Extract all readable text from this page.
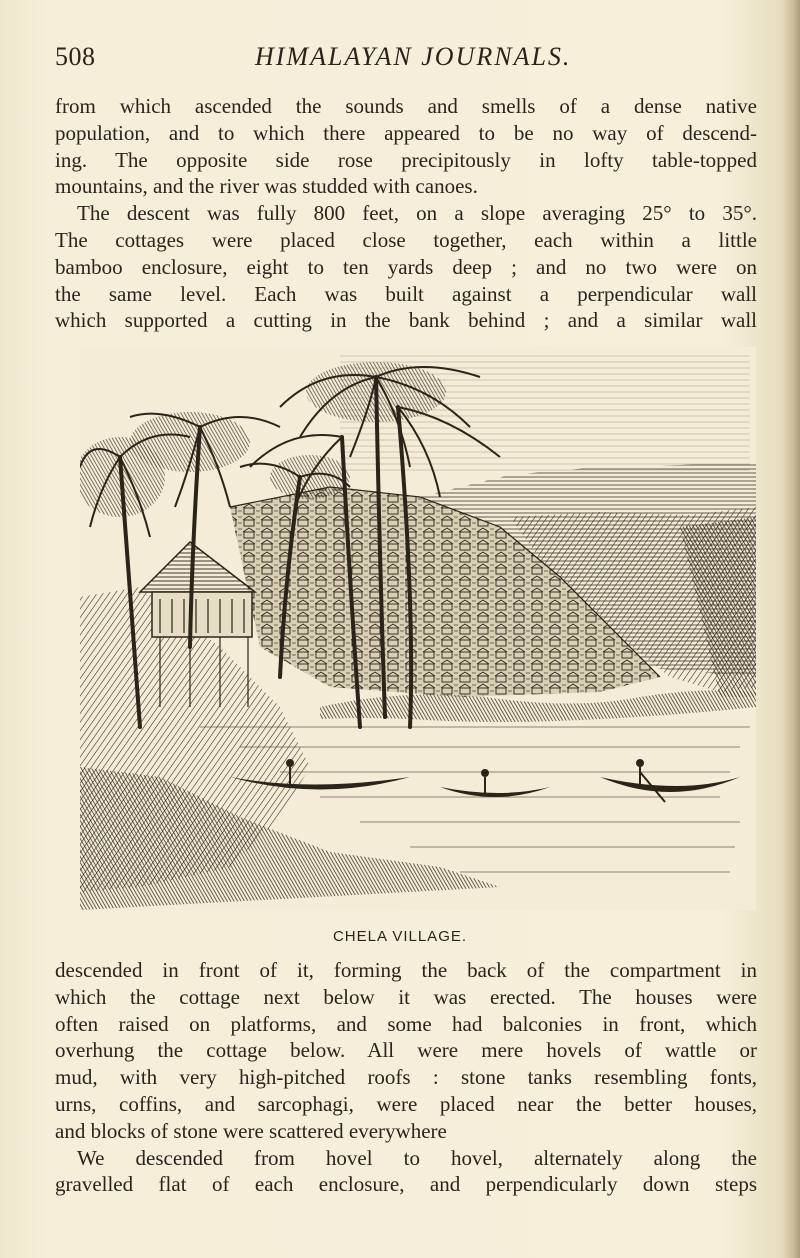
508	HIMALAYAN JOURNALS.
from which ascended the sounds and smells of a dense native
population, and to which there appeared to be no way of descend-
ing. The opposite side rose precipitously in lofty table-topped
mountains, and the river was studded with canoes.
The descent was fully 800 feet, on a slope averaging 25° to 35°.
The cottages were placed close together, each within a little
bamboo enclosure, eight to ten yards deep ; and no two were on
the same level. Each was built against a perpendicular wall
which supported a cutting in the bank behind ; and a similar wall
CHELA VILLAGE.
descended in front of it, forming the back of the compartment in
which the cottage next below it was erected. The houses were
often raised on platforms, and some had balconies in front, which
overhung the cottage below. All were mere hovels of wattle or
mud, with very high-pitched roofs : stone tanks resembling fonts,
urns, coffins, and sarcophagi, were placed near the better houses,
and blocks of stone were scattered everywhere
We descended from hovel to hovel, alternately along the
gravelled flat of each enclosure, and perpendicularly down steps
